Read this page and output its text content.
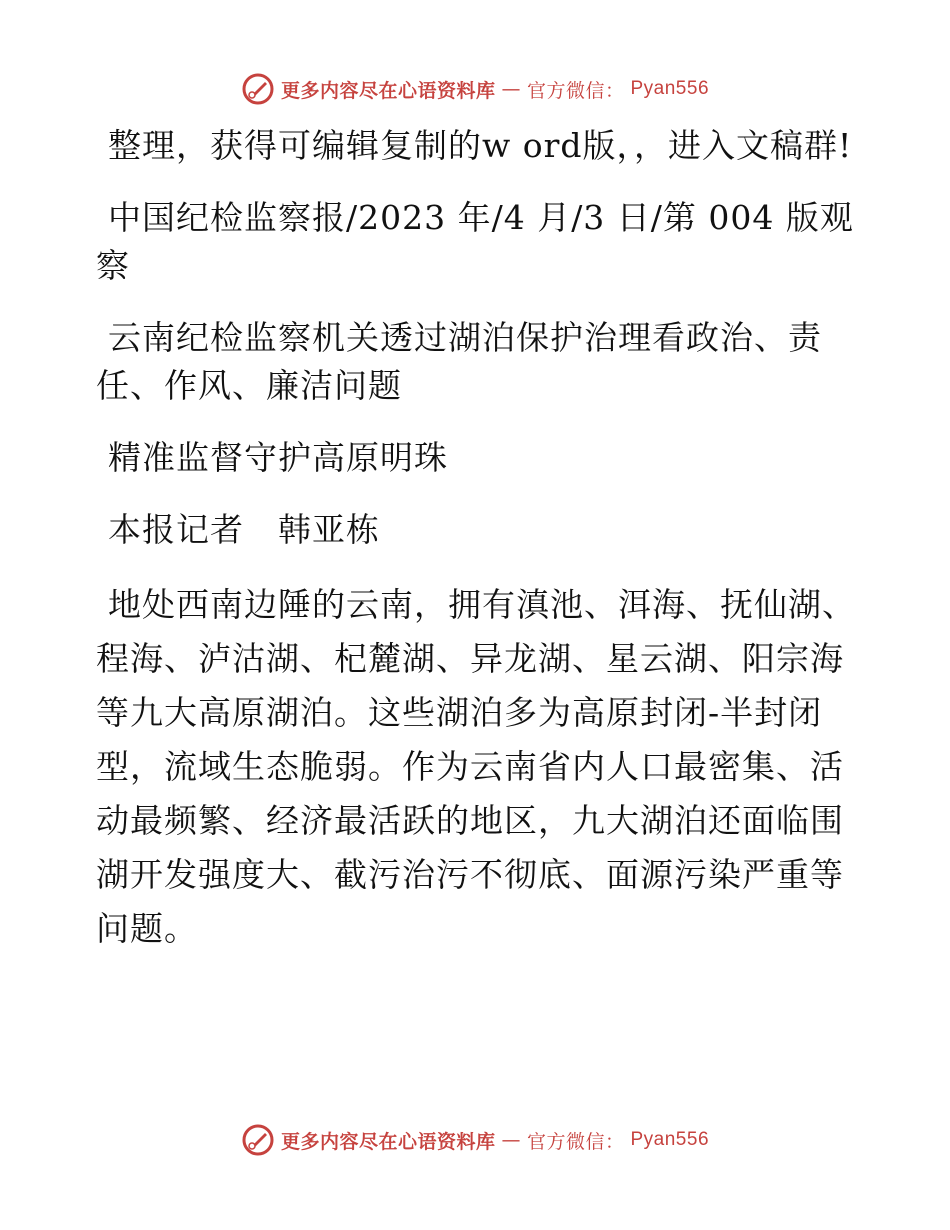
更多内容尽在心语资料库 — 官方微信： Pyan556

整理，获得可编辑复制的w ord版，，进入文稿群!

中国纪检监察报/2023 年/4 月/3 日/第 004 版观察

云南纪检监察机关透过湖泊保护治理看政治、责任、作风、廉洁问题

精准监督守护高原明珠

本报记者　韩亚栋

地处西南边陲的云南，拥有滇池、洱海、抚仙湖、程海、泸沽湖、杞麓湖、异龙湖、星云湖、阳宗海等九大高原湖泊。这些湖泊多为高原封闭-半封闭型，流域生态脆弱。作为云南省内人口最密集、活动最频繁、经济最活跃的地区，九大湖泊还面临围湖开发强度大、截污治污不彻底、面源污染严重等问题。

更多内容尽在心语资料库 — 官方微信： Pyan556
